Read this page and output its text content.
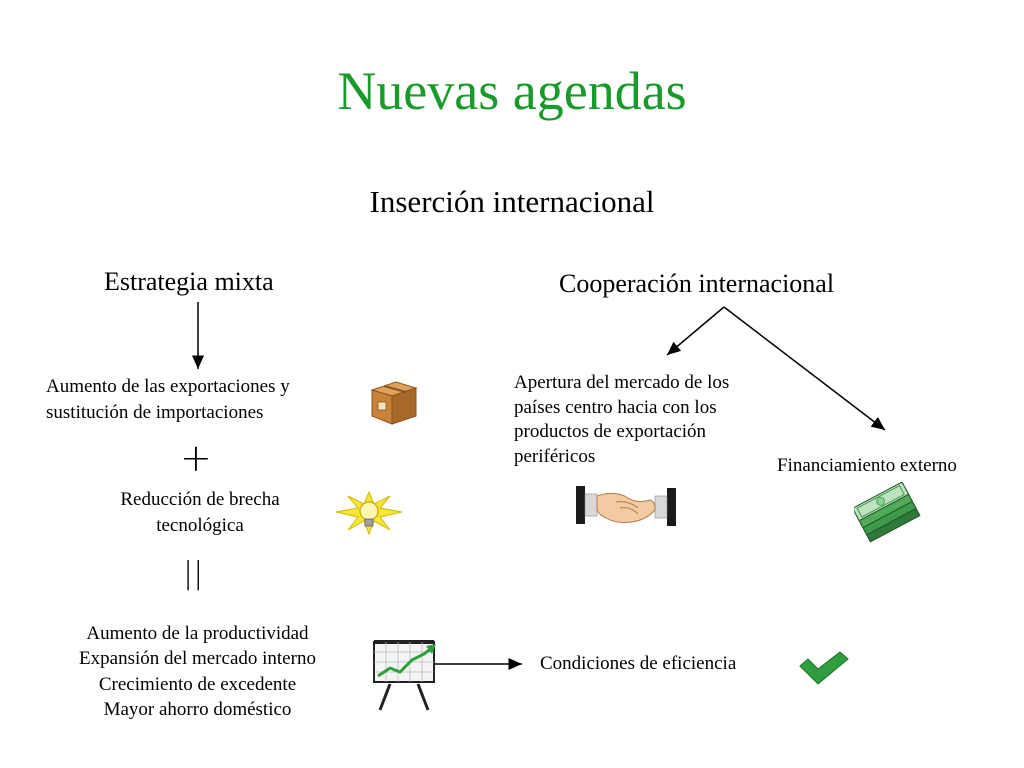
Nuevas agendas
Inserción internacional
Estrategia mixta	Cooperación internacional
Aumento de las exportaciones y
sustitución de importaciones
+
Reducción de brecha
tecnológica
||
Aumento de la productividad
Expansión del mercado interno
Crecimiento de excedente
Mayor ahorro doméstico
Apertura del mercado de los
países centro hacia con los
productos de exportación
periféricos	Financiamiento externo
Condiciones de eficiencia
